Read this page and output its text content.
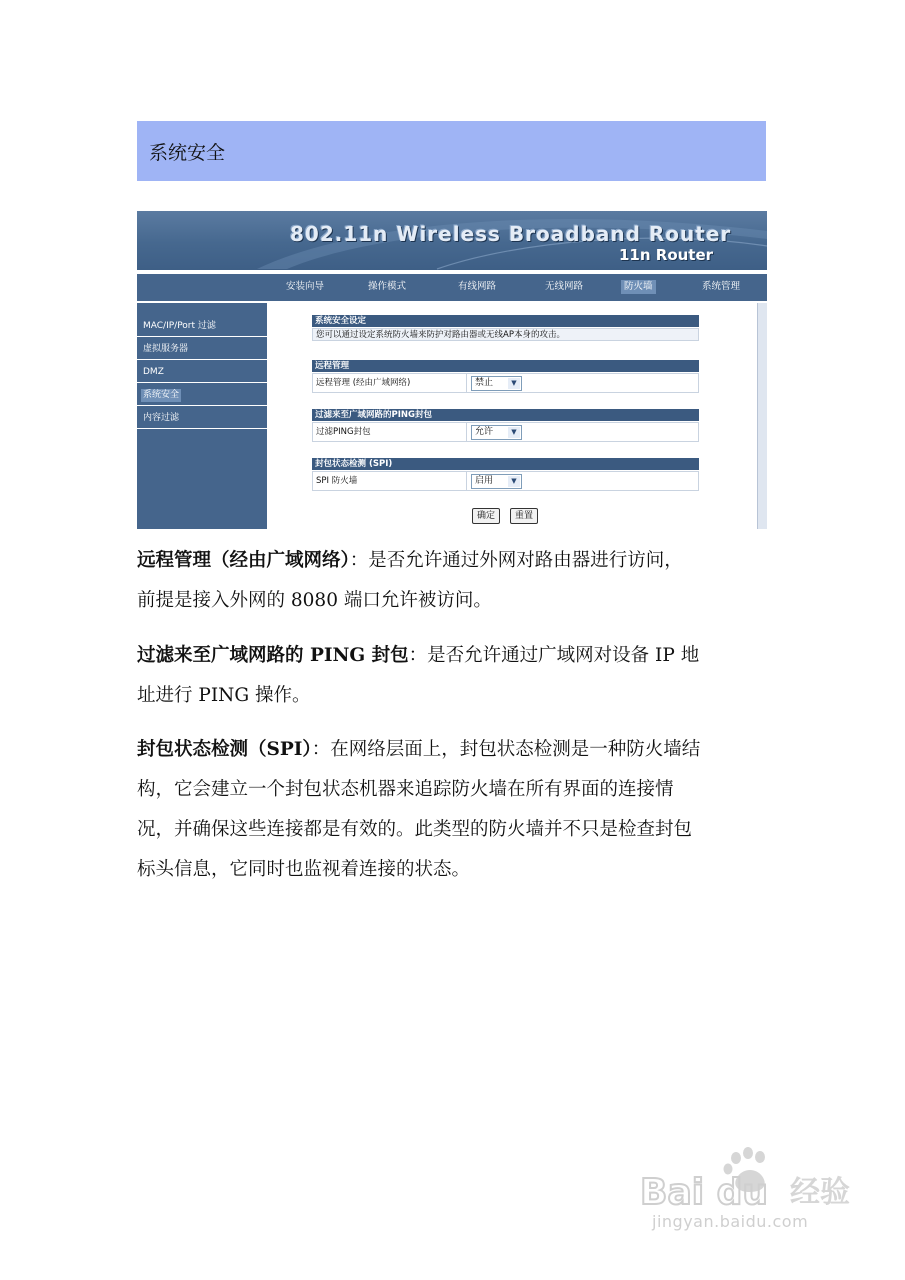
系统安全
802.11n Wireless Broadband Router
11n Router
安装向导	操作模式	有线网路	无线网路	防火墙	系统管理
MAC/IP/Port 过滤
虚拟服务器
DMZ
系统安全
内容过滤
系统安全设定
您可以通过设定系统防火墙来防护对路由器或无线AP本身的攻击。
远程管理
远程管理 (经由广域网络)	禁止	▼
过滤来至广域网路的PING封包
过滤PING封包	允许	▼
封包状态检测 (SPI)
SPI 防火墙	启用	▼
确定	重置
远程管理（经由广域网络）：是否允许通过外网对路由器进行访问，
前提是接入外网的 8080 端口允许被访问。
过滤来至广域网路的 PING 封包：是否允许通过广域网对设备 IP 地
址进行 PING 操作。
封包状态检测（SPI）：在网络层面上，封包状态检测是一种防火墙结
构，它会建立一个封包状态机器来追踪防火墙在所有界面的连接情
况，并确保这些连接都是有效的。此类型的防火墙并不只是检查封包
标头信息，它同时也监视着连接的状态。
Bai du 经验
jingyan.baidu.com
